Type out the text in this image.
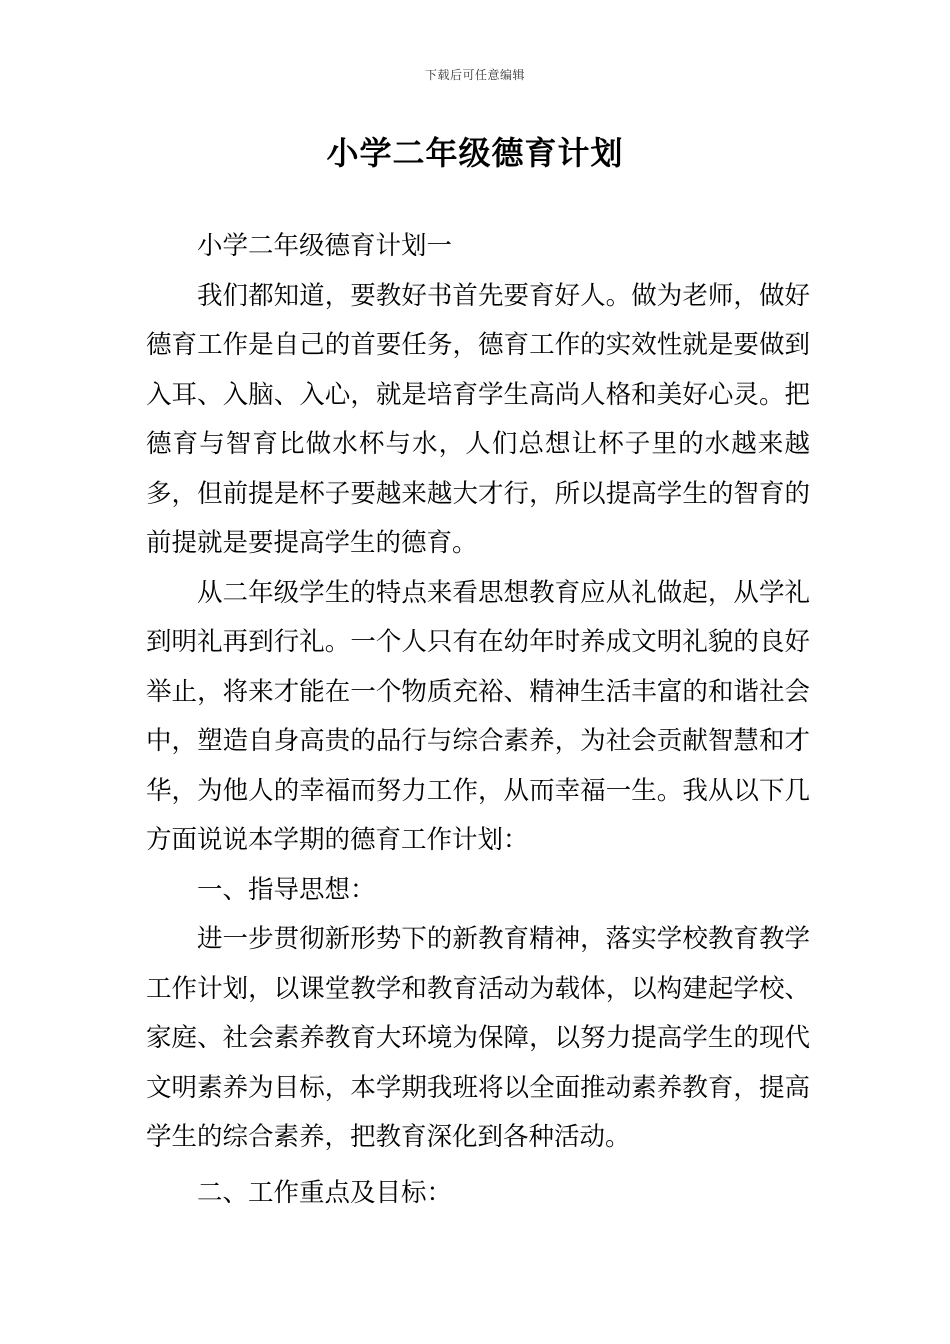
下载后可任意编辑
小学二年级德育计划

小学二年级德育计划一

我们都知道，要教好书首先要育好人。做为老师，做好德育工作是自己的首要任务，德育工作的实效性就是要做到入耳、入脑、入心，就是培育学生高尚人格和美好心灵。把德育与智育比做水杯与水，人们总想让杯子里的水越来越多，但前提是杯子要越来越大才行，所以提高学生的智育的前提就是要提高学生的德育。

从二年级学生的特点来看思想教育应从礼做起，从学礼到明礼再到行礼。一个人只有在幼年时养成文明礼貌的良好举止，将来才能在一个物质充裕、精神生活丰富的和谐社会中，塑造自身高贵的品行与综合素养，为社会贡献智慧和才华，为他人的幸福而努力工作，从而幸福一生。我从以下几方面说说本学期的德育工作计划：

一、指导思想：

进一步贯彻新形势下的新教育精神，落实学校教育教学工作计划，以课堂教学和教育活动为载体，以构建起学校、家庭、社会素养教育大环境为保障，以努力提高学生的现代文明素养为目标，本学期我班将以全面推动素养教育，提高学生的综合素养，把教育深化到各种活动。

二、工作重点及目标：
